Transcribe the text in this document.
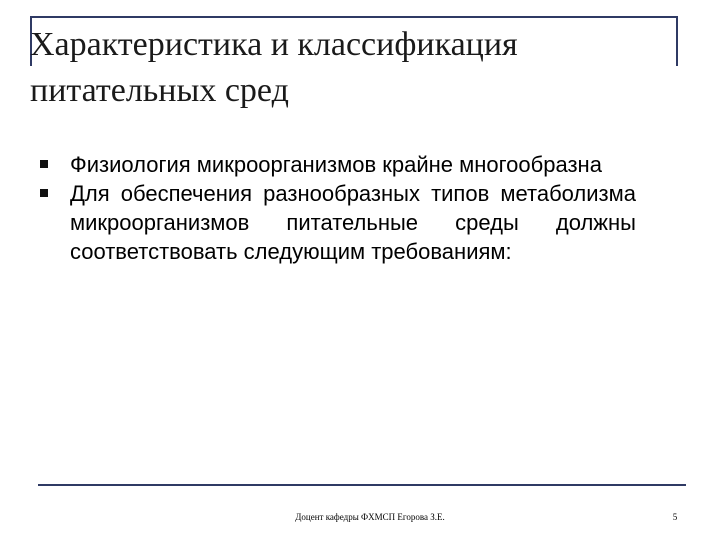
Характеристика и классификация питательных сред
Физиология микроорганизмов крайне многообразна
Для обеспечения разнообразных типов метаболизма микроорганизмов питательные среды должны соответствовать следующим требованиям:
Доцент кафедры ФХМСП Егорова З.Е.	5
